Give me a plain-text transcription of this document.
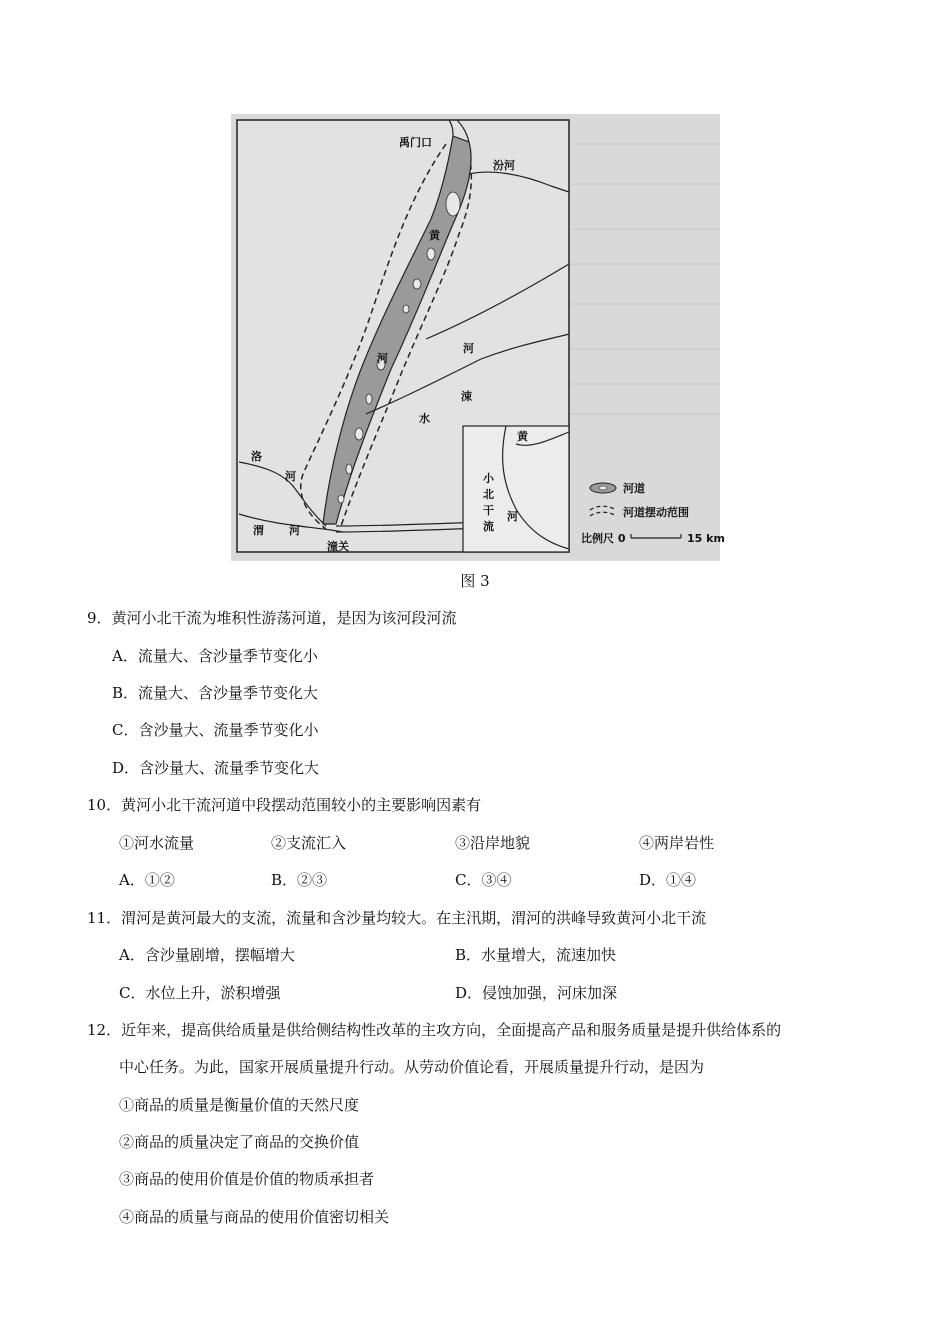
禹门口
汾河
黄
河
涑
水
河
洛
河
渭 河
潼关
小
北
干
流
黄
河
河道
河道摆动范围
比例尺 0	15 km
图 3
9．黄河小北干流为堆积性游荡河道，是因为该河段河流
A．流量大、含沙量季节变化小
B．流量大、含沙量季节变化大
C．含沙量大、流量季节变化小
D．含沙量大、流量季节变化大
10．黄河小北干流河道中段摆动范围较小的主要影响因素有
①河水流量	②支流汇入	③沿岸地貌	④两岸岩性
A．①②	B．②③	C．③④	D．①④
11．渭河是黄河最大的支流，流量和含沙量均较大。在主汛期，渭河的洪峰导致黄河小北干流
A．含沙量剧增，摆幅增大	B．水量增大，流速加快
C．水位上升，淤积增强	D．侵蚀加强，河床加深
12．近年来，提高供给质量是供给侧结构性改革的主攻方向，全面提高产品和服务质量是提升供给体系的
中心任务。为此，国家开展质量提升行动。从劳动价值论看，开展质量提升行动，是因为
①商品的质量是衡量价值的天然尺度
②商品的质量决定了商品的交换价值
③商品的使用价值是价值的物质承担者
④商品的质量与商品的使用价值密切相关
